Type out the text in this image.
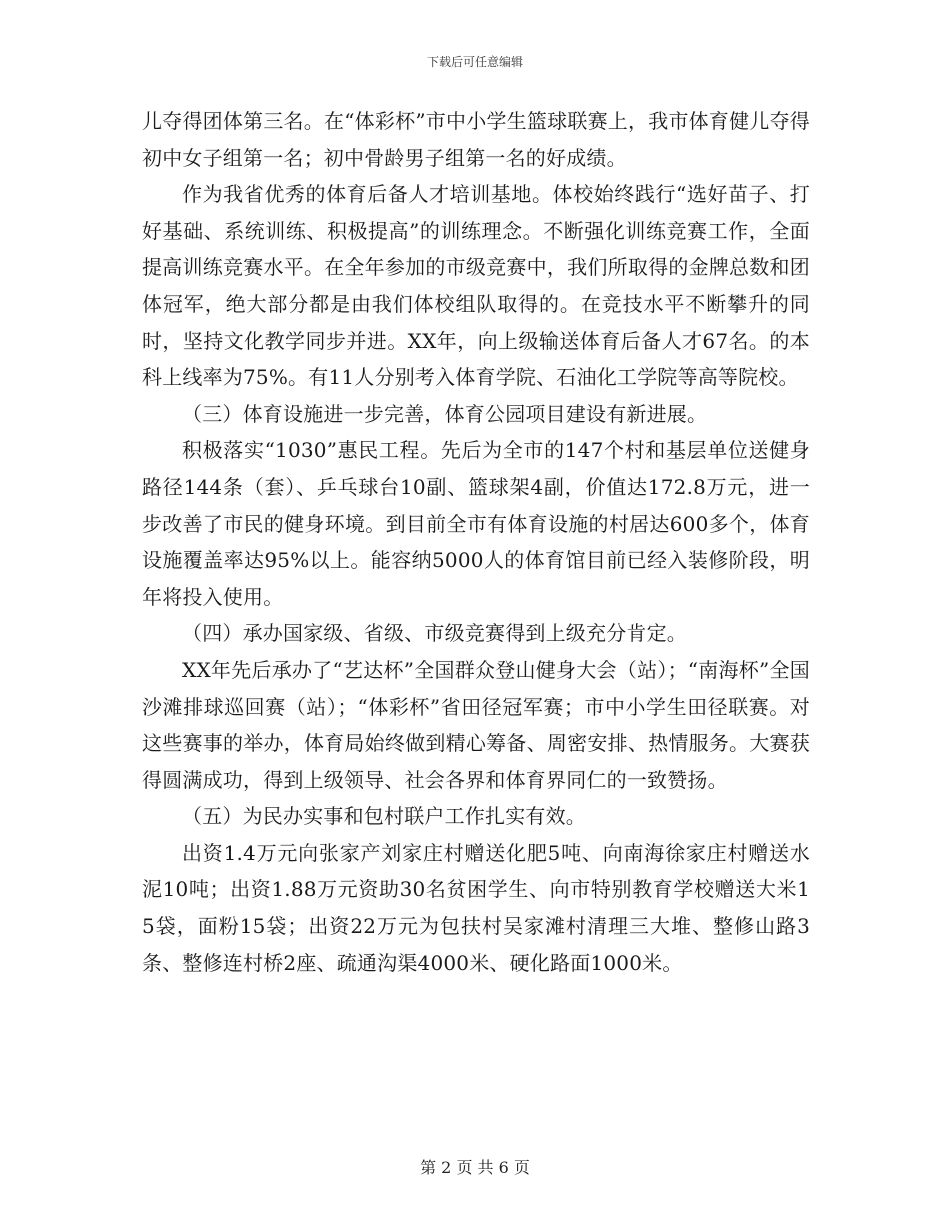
下载后可任意编辑

儿夺得团体第三名。在“体彩杯”市中小学生篮球联赛上，我市体育健儿夺得初中女子组第一名；初中骨龄男子组第一名的好成绩。

作为我省优秀的体育后备人才培训基地。体校始终践行“选好苗子、打好基础、系统训练、积极提高”的训练理念。不断强化训练竞赛工作，全面提高训练竞赛水平。在全年参加的市级竞赛中，我们所取得的金牌总数和团体冠军，绝大部分都是由我们体校组队取得的。在竞技水平不断攀升的同时，坚持文化教学同步并进。XX年，向上级输送体育后备人才67名。的本科上线率为75%。有11人分别考入体育学院、石油化工学院等高等院校。

（三）体育设施进一步完善，体育公园项目建设有新进展。

积极落实“1030”惠民工程。先后为全市的147个村和基层单位送健身路径144条（套）、乒乓球台10副、篮球架4副，价值达172.8万元，进一步改善了市民的健身环境。到目前全市有体育设施的村居达600多个，体育设施覆盖率达95%以上。能容纳5000人的体育馆目前已经入装修阶段，明年将投入使用。

（四）承办国家级、省级、市级竞赛得到上级充分肯定。

XX年先后承办了“艺达杯”全国群众登山健身大会（站）；“南海杯”全国沙滩排球巡回赛（站）；“体彩杯”省田径冠军赛；市中小学生田径联赛。对这些赛事的举办，体育局始终做到精心筹备、周密安排、热情服务。大赛获得圆满成功，得到上级领导、社会各界和体育界同仁的一致赞扬。

（五）为民办实事和包村联户工作扎实有效。

出资1.4万元向张家产刘家庄村赠送化肥5吨、向南海徐家庄村赠送水泥10吨；出资1.88万元资助30名贫困学生、向市特别教育学校赠送大米15袋，面粉15袋；出资22万元为包扶村吴家滩村清理三大堆、整修山路3条、整修连村桥2座、疏通沟渠4000米、硬化路面1000米。

第 2 页 共 6 页
